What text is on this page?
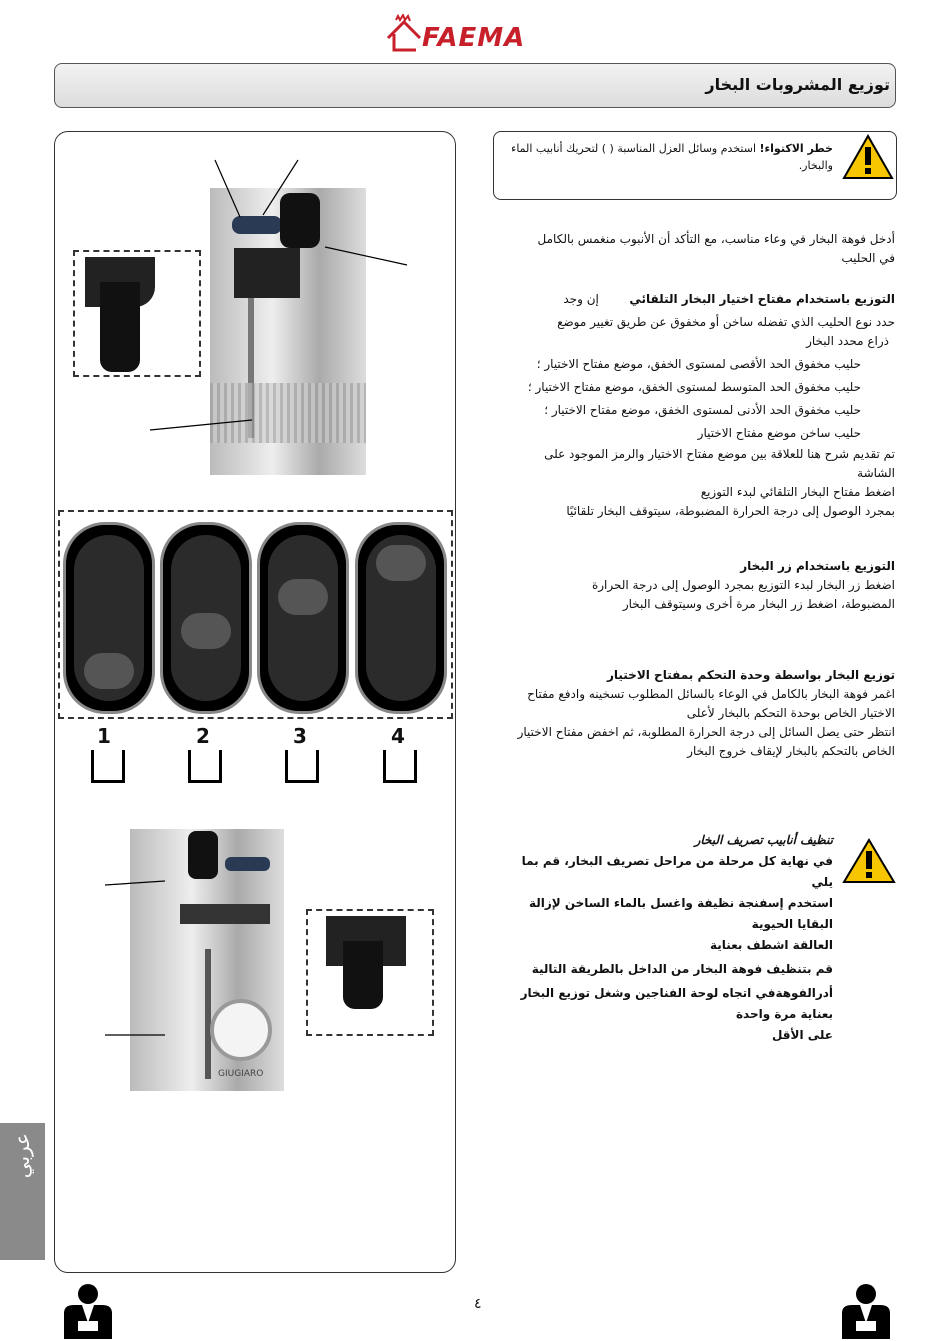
FAEMA
توزيع المشروبات البخار
1	2	3	4
GIUGIARO
خطر الاكتواء! استخدم وسائل العزل المناسبة ( ) لتحريك أنابيب الماء
والبخار.
أدخل فوهة البخار في وعاء مناسب، مع التأكد أن الأنبوب منغمس بالكامل
في الحليب
التوزيع باستخدام مفتاح اختيار البخار التلقائي        إن وجد
حدد نوع الحليب الذي تفضله ساخن أو مخفوق عن طريق تغيير موضع
ذراع محدد البخار
حليب مخفوق الحد الأقصى لمستوى الخفق، موضع مفتاح الاختيار ؛
حليب مخفوق الحد المتوسط لمستوى الخفق، موضع مفتاح الاختيار ؛
حليب مخفوق الحد الأدنى لمستوى الخفق، موضع مفتاح الاختيار ؛
حليب ساخن موضع مفتاح الاختيار
تم تقديم شرح هنا للعلاقة بين موضع مفتاح الاختيار والرمز الموجود على
الشاشة
اضغط مفتاح البخار التلقائي لبدء التوزيع
بمجرد الوصول إلى درجة الحرارة المضبوطة، سيتوقف البخار تلقائيًا
التوزيع باستخدام زر البخار
اضغط زر البخار لبدء التوزيع بمجرد الوصول إلى درجة الحرارة
المضبوطة، اضغط زر البخار مرة أخرى وسيتوقف البخار
توزيع البخار بواسطة وحدة التحكم بمفتاح الاختيار
اغمر فوهة البخار بالكامل في الوعاء بالسائل المطلوب تسخينه وادفع مفتاح
الاختيار الخاص بوحدة التحكم بالبخار لأعلى
انتظر حتى يصل السائل إلى درجة الحرارة المطلوبة، ثم اخفض مفتاح الاختيار
الخاص بالتحكم بالبخار لإيقاف خروج البخار
تنظيف أنابيب تصريف البخار
في نهاية كل مرحلة من مراحل تصريف البخار، قم بما يلي
استخدم إسفنجة نظيفة واغسل بالماء الساخن لإزالة البقايا الحيوية
العالقة اشطف بعناية
قم بتنظيف فوهة البخار من الداخل بالطريقة التالية
أدرالفوهةفي اتجاه لوحة الفناجين وشغل توزيع البخار بعناية مرة واحدة
على الأقل
عربي
٤
